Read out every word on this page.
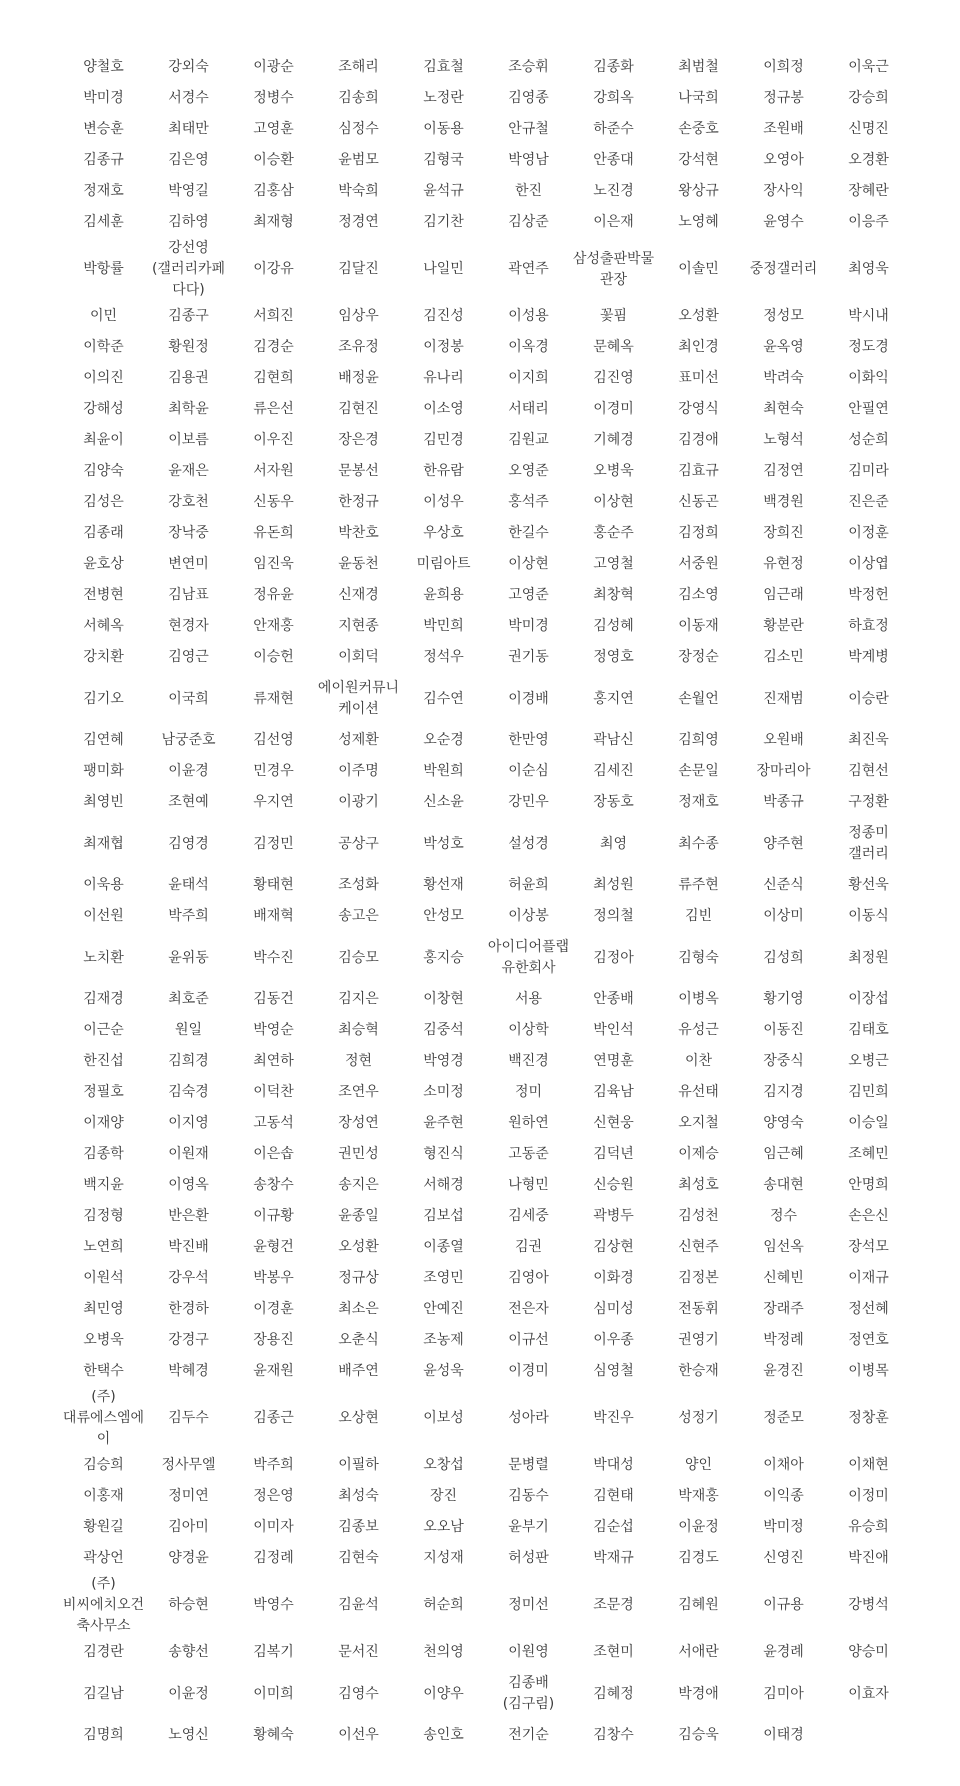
양철호	강외숙	이광순	조해리	김효철	조승휘	김종화	최범철	이희정	이욱근
박미경	서경수	정병수	김송희	노정란	김영종	강희옥	나국희	정규봉	강승희
변승훈	최태만	고영훈	심정수	이동용	안규철	하준수	손중호	조원배	신명진
김종규	김은영	이승환	윤범모	김형국	박영남	안종대	강석현	오영아	오경환
정재호	박영길	김홍삼	박숙희	윤석규	한진	노진경	왕상규	장사익	장혜란
김세훈	김하영	최재형	정경연	김기찬	김상준	이은재	노영혜	윤영수	이응주
박항률	강선영(갤러리카페 다다)	이강유	김달진	나일민	곽연주	삼성출판박물관장	이솔민	중정갤러리	최영욱
이민	김종구	서희진	임상우	김진성	이성용	꽃핌	오성환	정성모	박시내
이학준	황원정	김경순	조유정	이정봉	이옥경	문혜옥	최인경	윤옥영	정도경
이의진	김용권	김현희	배정윤	유나리	이지희	김진영	표미선	박려숙	이화익
강해성	최학윤	류은선	김현진	이소영	서태리	이경미	강영식	최현숙	안필연
최윤이	이보름	이우진	장은경	김민경	김원교	기혜경	김경애	노형석	성순희
김양숙	윤재은	서자원	문봉선	한유람	오영준	오병욱	김효규	김정연	김미라
김성은	강호천	신동우	한정규	이성우	홍석주	이상현	신동곤	백경원	진은준
김종래	장낙중	유돈희	박찬호	우상호	한길수	홍순주	김정희	장희진	이정훈
윤호상	변연미	임진욱	윤동천	미림아트	이상현	고영철	서중원	유현정	이상엽
전병현	김남표	정유윤	신재경	윤희용	고영준	최창혁	김소영	임근래	박정헌
서혜옥	현경자	안재홍	지현종	박민희	박미경	김성혜	이동재	황분란	하효정
강치환	김영근	이승헌	이회덕	정석우	권기동	정영호	장정순	김소민	박계병
김기오	이국희	류재현	에이원커뮤니케이션	김수연	이경배	홍지연	손월언	진재범	이승란
김연혜	남궁준호	김선영	성제환	오순경	한만영	곽남신	김희영	오원배	최진욱
팽미화	이윤경	민경우	이주명	박원희	이순심	김세진	손문일	장마리아	김현선
최영빈	조현예	우지연	이광기	신소윤	강민우	장동호	정재호	박종규	구정환
최재협	김영경	김정민	공상구	박성호	설성경	최영	최수종	양주현	정종미 갤러리
이욱용	윤태석	황태현	조성화	황선재	허윤희	최성원	류주현	신준식	황선욱
이선원	박주희	배재혁	송고은	안성모	이상봉	정의철	김빈	이상미	이동식
노치환	윤위동	박수진	김승모	홍지승	아이디어플랩 유한회사	김정아	김형숙	김성희	최정원
김재경	최호준	김동건	김지은	이창현	서용	안종배	이병옥	황기영	이장섭
이근순	원일	박영순	최승혁	김중석	이상학	박인석	유성근	이동진	김태호
한진섭	김희경	최연하	정현	박영경	백진경	연명훈	이찬	장중식	오병근
정필호	김숙경	이덕찬	조연우	소미정	정미	김육남	유선태	김지경	김민희
이재양	이지영	고동석	장성연	윤주현	원하연	신현웅	오지철	양영숙	이승일
김종학	이원재	이은솝	권민성	형진식	고동준	김덕년	이제승	임근혜	조혜민
백지윤	이영옥	송창수	송지은	서해경	나형민	신승원	최성호	송대현	안명희
김정형	반은환	이규황	윤종일	김보섭	김세중	곽병두	김성천	정수	손은신
노연희	박진배	윤형건	오성환	이종열	김권	김상현	신현주	임선옥	장석모
이원석	강우석	박봉우	정규상	조영민	김영아	이화경	김정본	신혜빈	이재규
최민영	한경하	이경훈	최소은	안예진	전은자	심미성	전동휘	장래주	정선혜
오병욱	강경구	장용진	오춘식	조농제	이규선	이우종	권영기	박정례	정연호
한택수	박혜경	윤재원	배주연	윤성욱	이경미	심영철	한승재	윤경진	이병목
(주)대류에스엠에이	김두수	김종근	오상현	이보성	성아라	박진우	성정기	정준모	정창훈
김승희	정사무엘	박주희	이필하	오창섭	문병렬	박대성	양인	이채아	이채현
이홍재	정미연	정은영	최성숙	장진	김동수	김현태	박재홍	이익종	이정미
황원길	김아미	이미자	김종보	오오남	윤부기	김순섭	이윤정	박미정	유승희
곽상언	양경윤	김정례	김현숙	지성재	허성판	박재규	김경도	신영진	박진애
(주)비씨에치오건축사무소	하승현	박영수	김윤석	허순희	정미선	조문경	김혜원	이규용	강병석
김경란	송향선	김복기	문서진	천의영	이원영	조현미	서애란	윤경례	양승미
김길남	이윤정	이미희	김영수	이양우	김종배(김구림)	김혜정	박경애	김미아	이효자
김명희	노영신	황혜숙	이선우	송인호	전기순	김창수	김승욱	이태경	
